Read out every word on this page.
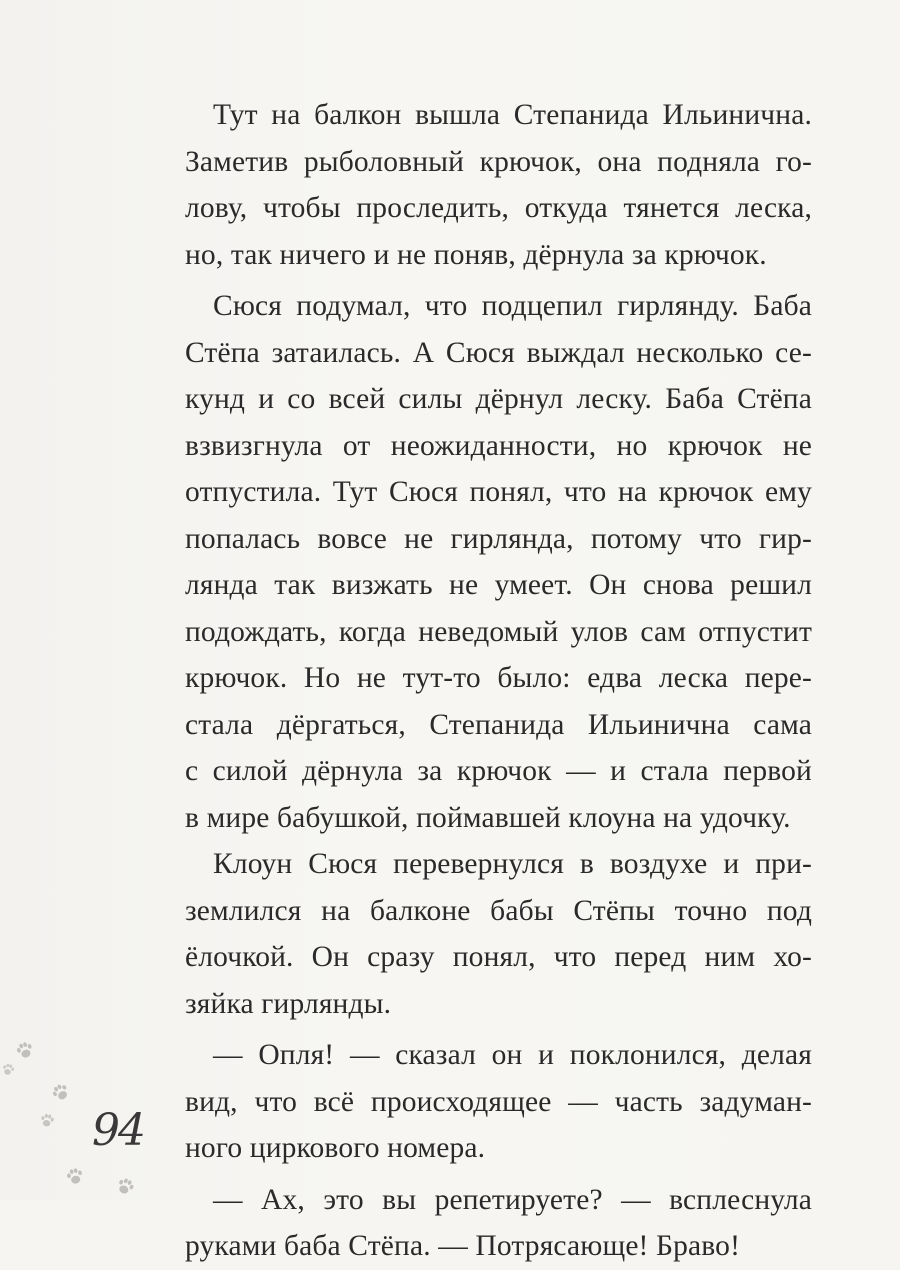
Тут на балкон вышла Степанида Ильинична.
Заметив рыболовный крючок, она подняла го-
лову, чтобы проследить, откуда тянется леска,
но, так ничего и не поняв, дёрнула за крючок.
Сюся подумал, что подцепил гирлянду. Баба
Стёпа затаилась. А Сюся выждал несколько се-
кунд и со всей силы дёрнул леску. Баба Стёпа
взвизгнула от неожиданности, но крючок не
отпустила. Тут Сюся понял, что на крючок ему
попалась вовсе не гирлянда, потому что гир-
лянда так визжать не умеет. Он снова решил
подождать, когда неведомый улов сам отпустит
крючок. Но не тут-то было: едва леска пере-
стала дёргаться, Степанида Ильинична сама
с силой дёрнула за крючок — и стала первой
в мире бабушкой, поймавшей клоуна на удочку.
Клоун Сюся перевернулся в воздухе и при-
землился на балконе бабы Стёпы точно под
ёлочкой. Он сразу понял, что перед ним хо-
зяйка гирлянды.
— Опля! — сказал он и поклонился, делая
вид, что всё происходящее — часть задуман-
ного циркового номера.
— Ах, это вы репетируете? — всплеснула
руками баба Стёпа. — Потрясающе! Браво!
94
